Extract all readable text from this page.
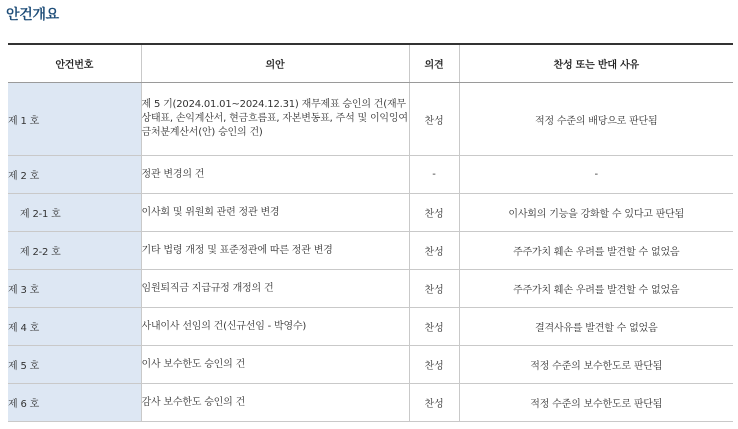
안건개요
안건번호	의안	의견	찬성 또는 반대 사유
제 1 호	제 5 기(2024.01.01~2024.12.31) 재무제표 승인의 건(재무상태표, 손익계산서, 현금흐름표, 자본변동표, 주석 및 이익잉여금처분계산서(안) 승인의 건)	찬성	적정 수준의 배당으로 판단됨
제 2 호	정관 변경의 건	-	-
제 2-1 호	이사회 및 위원회 관련 정관 변경	찬성	이사회의 기능을 강화할 수 있다고 판단됨
제 2-2 호	기타 법령 개정 및 표준정관에 따른 정관 변경	찬성	주주가치 훼손 우려를 발견할 수 없었음
제 3 호	임원퇴직금 지급규정 개정의 건	찬성	주주가치 훼손 우려를 발견할 수 없었음
제 4 호	사내이사 선임의 건(신규선임 - 박영수)	찬성	결격사유를 발견할 수 없었음
제 5 호	이사 보수한도 승인의 건	찬성	적정 수준의 보수한도로 판단됨
제 6 호	감사 보수한도 승인의 건	찬성	적정 수준의 보수한도로 판단됨
